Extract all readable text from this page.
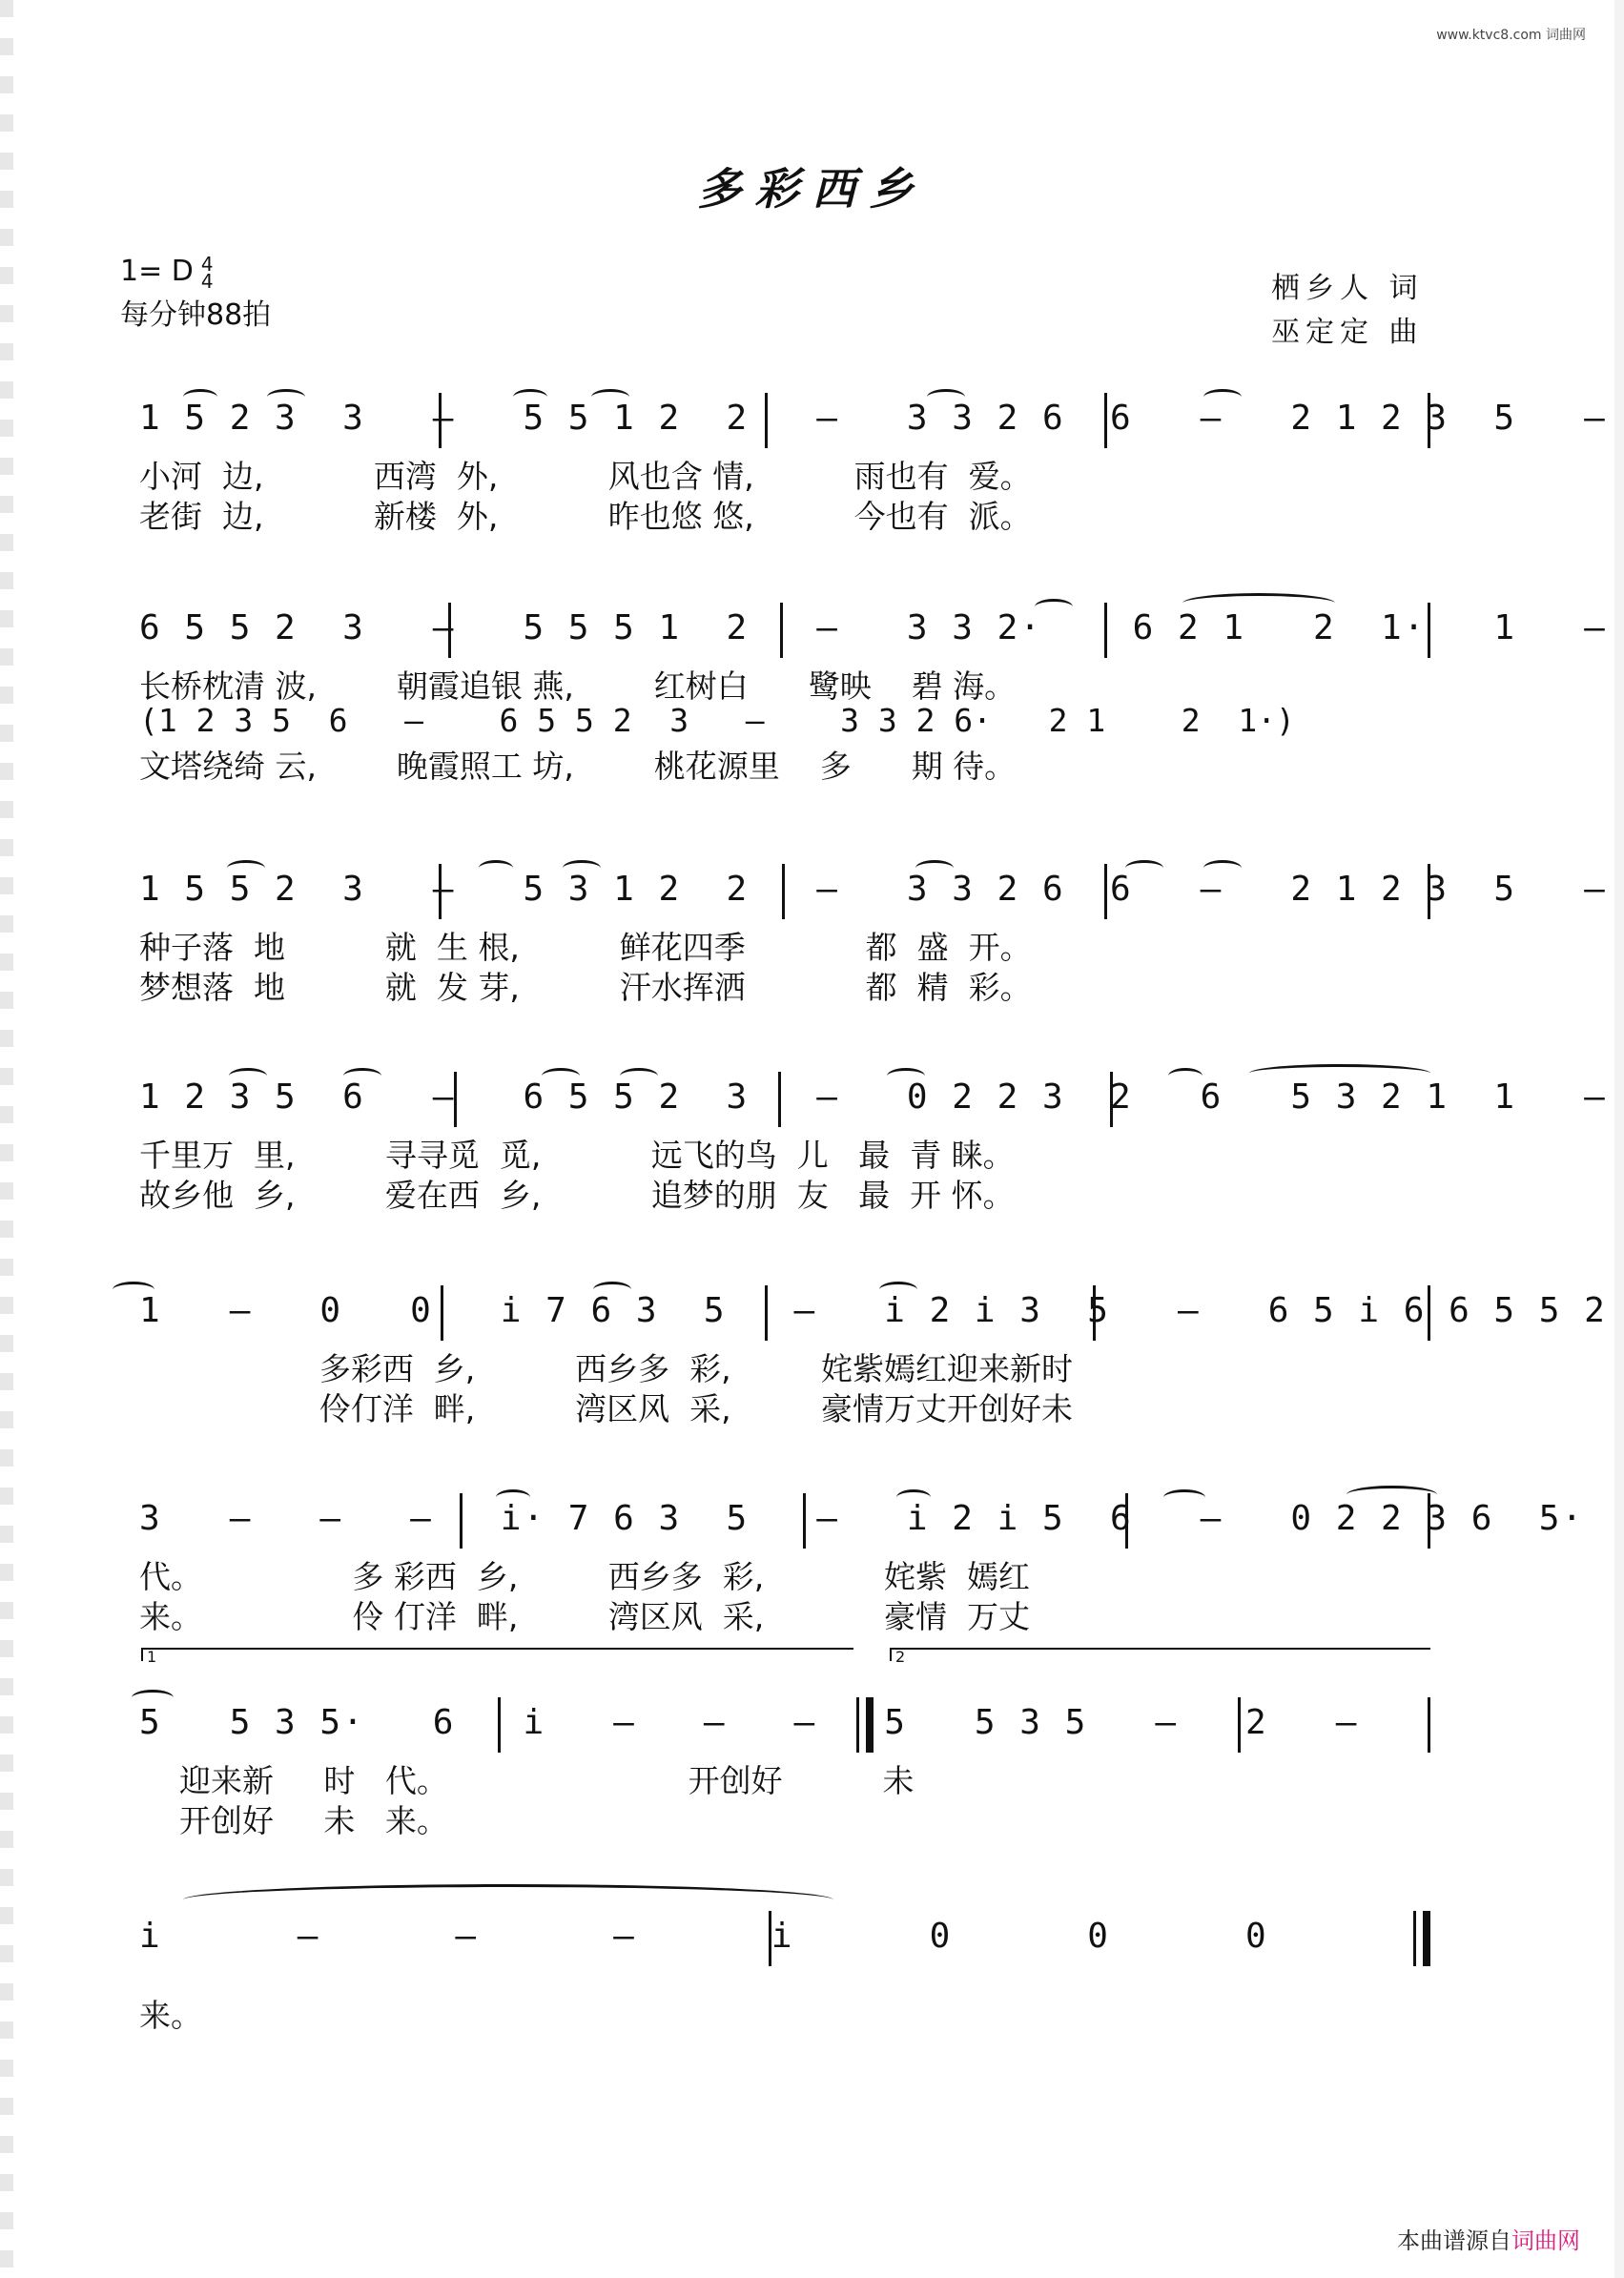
www.ktvc8.com 词曲网
多彩西乡
1= D 4
4
每分钟88拍
栖乡人 词
巫定定 曲
1 5 2 3  3   –   5 5 1 2  2   –   3 3 2 6  6   –   2 1 2 3  5   –
小河  边,           西湾  外,           风也含 情,          雨也有  爱。
老街  边,           新楼  外,           昨也悠 悠,          今也有  派。
6 5 5 2  3   –   5 5 5 1  2   –   3 3 2·    6 2 1   2  1·   1   –
长桥枕清 波,        朝霞追银 燕,        红树白      鹭映    碧 海。
(1 2 3 5  6   –    6 5 5 2  3   –    3 3 2 6·   2 1    2  1·)
文塔绕绮 云,        晚霞照工 坊,        桃花源里    多      期 待。
1 5 5 2  3   –   5 3 1 2  2   –   3 3 2 6  6   –   2 1 2 3  5   –
种子落  地          就  生 根,          鲜花四季            都  盛  开。
梦想落  地          就  发 芽,          汗水挥洒            都  精  彩。
1 2 3 5  6   –   6 5 5 2  3   –   0 2 2 3  2   6   5 3 2 1  1   –
千里万  里,         寻寻觅  觅,           远飞的鸟  儿   最  青 睐。
故乡他  乡,         爱在西  乡,           追梦的朋  友   最  开 怀。
1   –   0   0   i 7 6 3  5   –   i 2 i 3  5   –   6 5 i 6 6 5 5 2
多彩西  乡,          西乡多  彩,         姹紫嫣红迎来新时
伶仃洋  畔,          湾区风  采,         豪情万丈开创好未
3   –   –   –   i· 7 6 3  5   –   i 2 i 5  6   –   0 2 2 3 6  5·
代。               多 彩西  乡,         西乡多  彩,            姹紫  嫣红
来。               伶 仃洋  畔,         湾区风  采,            豪情  万丈
1	2
5   5 3 5·   6   i   –   –   –   5   5 3 5   –   2   –
迎来新     时   代。                        开创好          未
开创好     未   来。
i      –      –      –      i      0      0      0
来。
本曲谱源自词曲网
